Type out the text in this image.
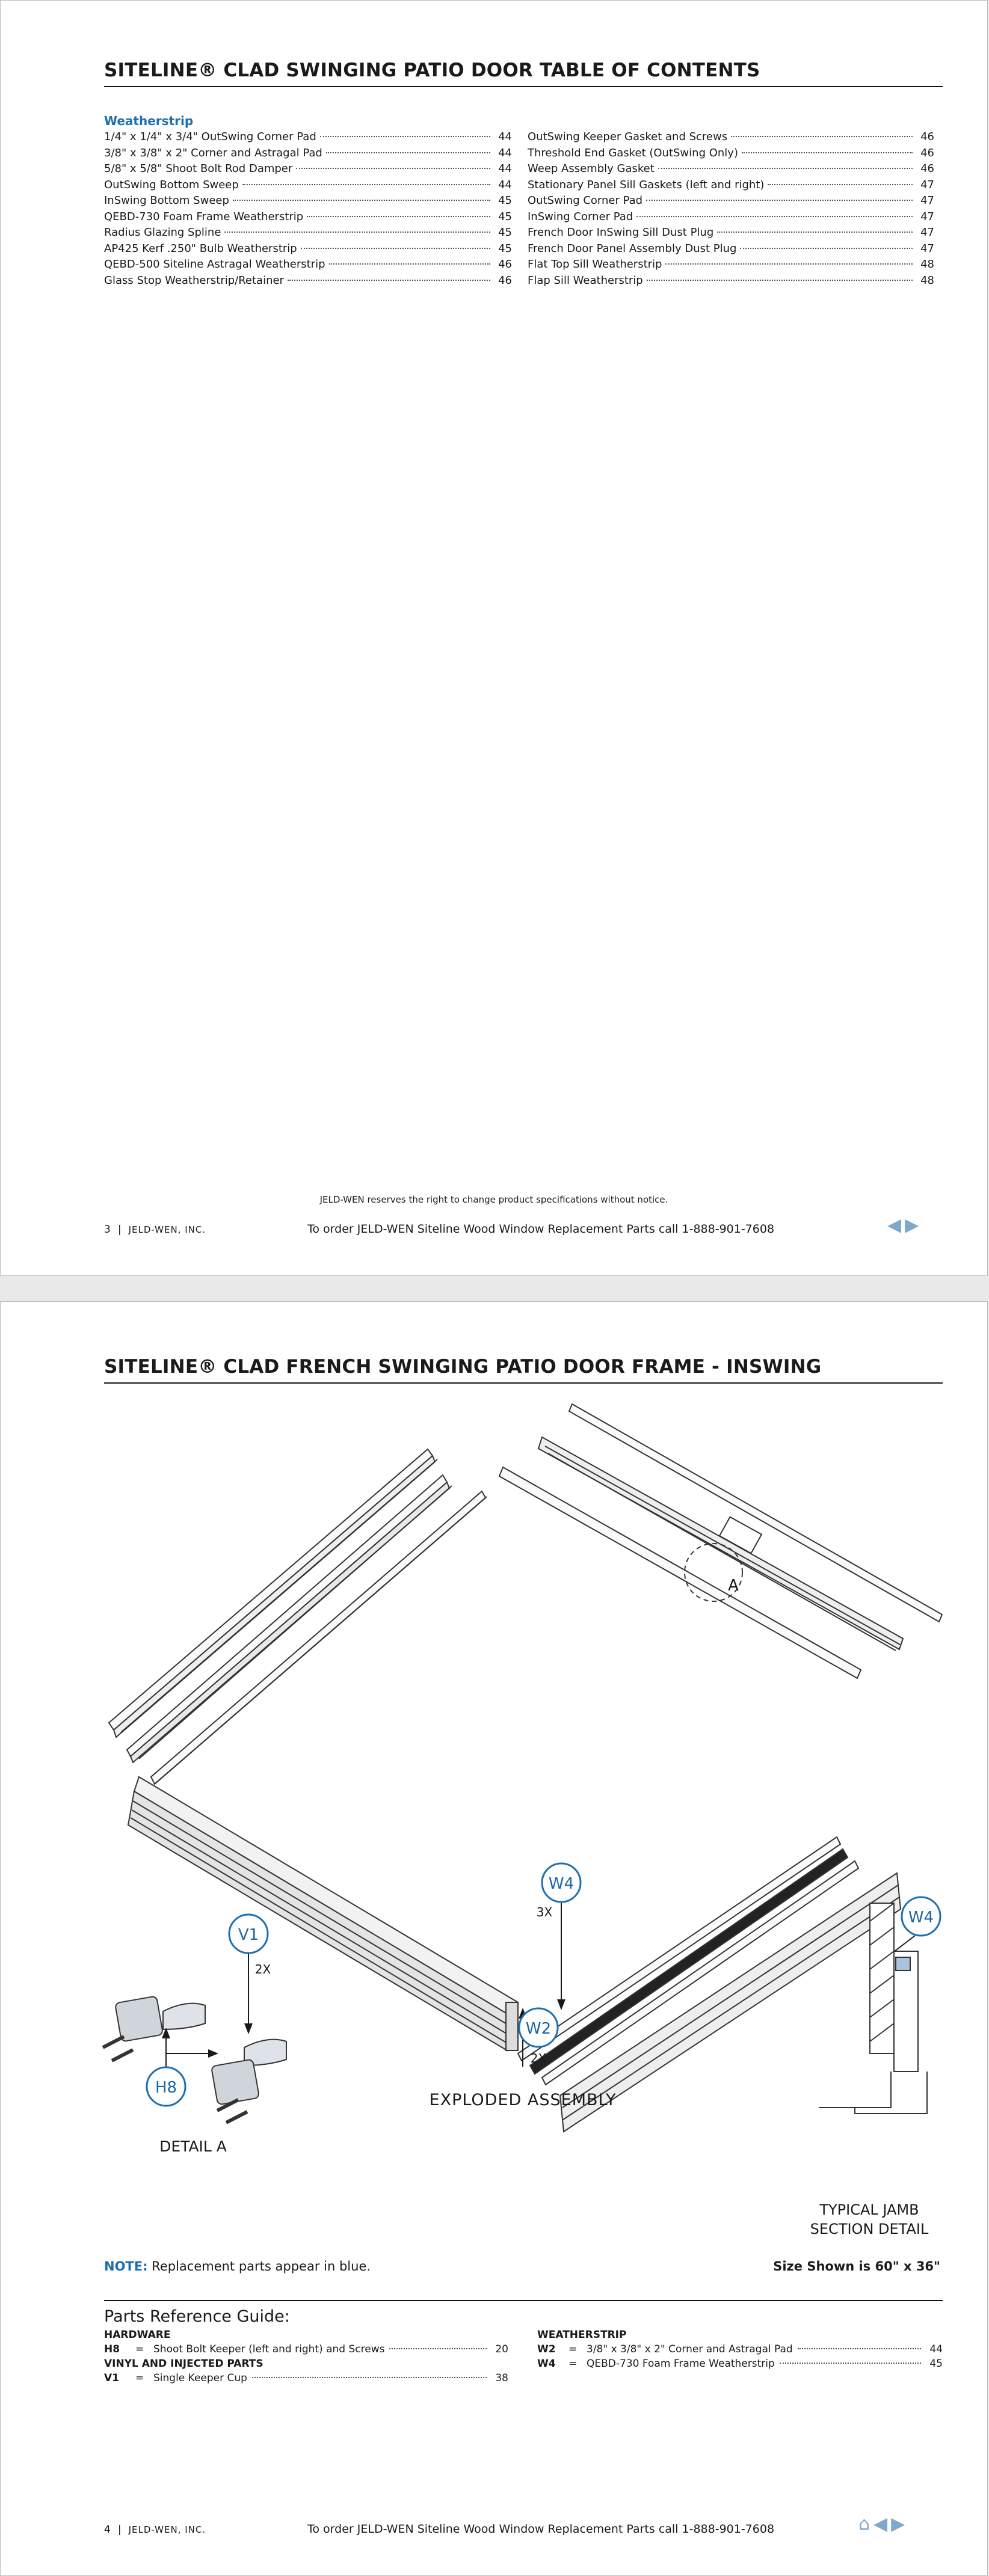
SITELINE® CLAD SWINGING PATIO DOOR TABLE OF CONTENTS
Weatherstrip
1/4" x 1/4" x 3/4" OutSwing Corner Pad	44
3/8" x 3/8" x 2" Corner and Astragal Pad	44
5/8" x 5/8" Shoot Bolt Rod Damper	44
OutSwing Bottom Sweep	44
InSwing Bottom Sweep	45
QEBD-730 Foam Frame Weatherstrip	45
Radius Glazing Spline	45
AP425 Kerf .250" Bulb Weatherstrip	45
QEBD-500 Siteline Astragal Weatherstrip	46
Glass Stop Weatherstrip/Retainer	46
OutSwing Keeper Gasket and Screws	46
Threshold End Gasket (OutSwing Only)	46
Weep Assembly Gasket	46
Stationary Panel Sill Gaskets (left and right)	47
OutSwing Corner Pad	47
InSwing Corner Pad	47
French Door InSwing Sill Dust Plug	47
French Door Panel Assembly Dust Plug	47
Flat Top Sill Weatherstrip	48
Flap Sill Weatherstrip	48
JELD-WEN reserves the right to change product specifications without notice.
3 | JELD-WEN, INC.	To order JELD-WEN Siteline Wood Window Replacement Parts call 1-888-901-7608	◀ ▶
SITELINE® CLAD FRENCH SWINGING PATIO DOOR FRAME - INSWING
W4
W2
V1
H8
W4
3X
2X
2X
A
EXPLODED ASSEMBLY
DETAIL A
TYPICAL JAMB
SECTION DETAIL
NOTE: Replacement parts appear in blue.	Size Shown is 60" x 36"
Parts Reference Guide:
HARDWARE
H8	= Shoot Bolt Keeper (left and right) and Screws	20
VINYL AND INJECTED PARTS
V1	= Single Keeper Cup	38
WEATHERSTRIP
W2	= 3/8" x 3/8" x 2" Corner and Astragal Pad	44
W4	= QEBD-730 Foam Frame Weatherstrip	45
4 | JELD-WEN, INC.	To order JELD-WEN Siteline Wood Window Replacement Parts call 1-888-901-7608	⌂ ◀ ▶
